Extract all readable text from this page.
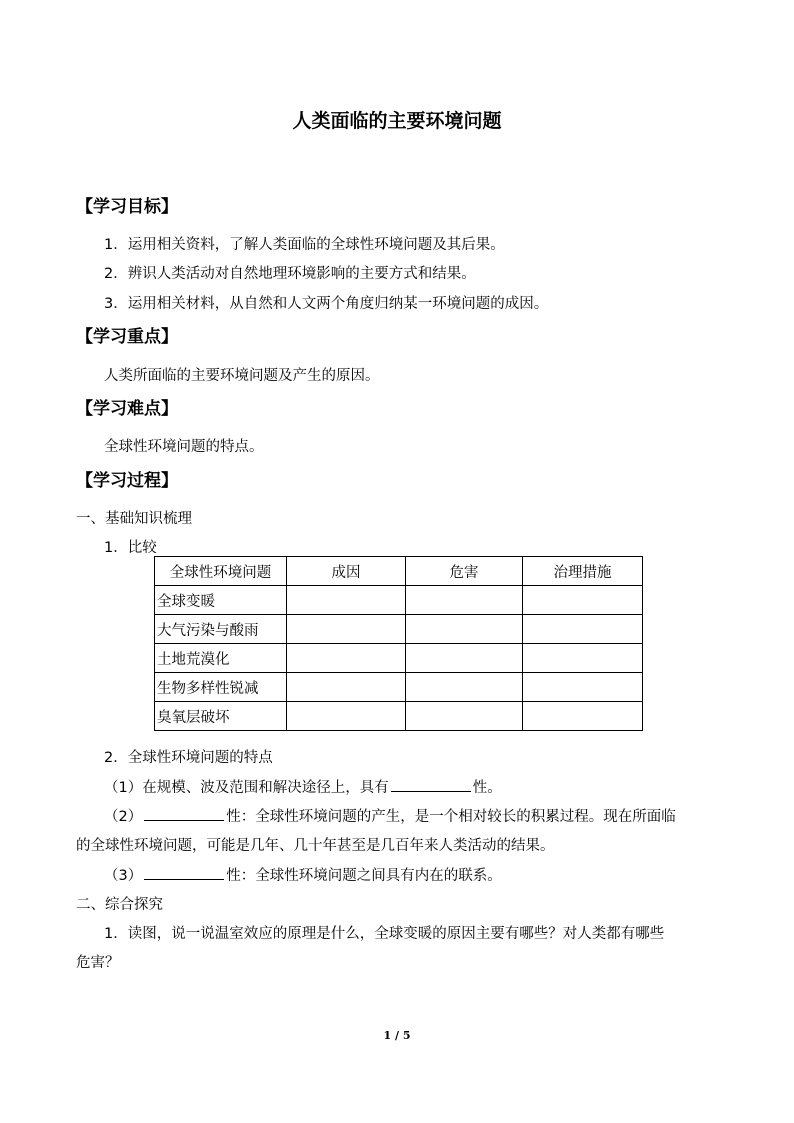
人类面临的主要环境问题
【学习目标】
1．运用相关资料，了解人类面临的全球性环境问题及其后果。
2．辨识人类活动对自然地理环境影响的主要方式和结果。
3．运用相关材料，从自然和人文两个角度归纳某一环境问题的成因。
【学习重点】
人类所面临的主要环境问题及产生的原因。
【学习难点】
全球性环境问题的特点。
【学习过程】
一、基础知识梳理
1．比较
全球性环境问题	成因	危害	治理措施
全球变暖			
大气污染与酸雨			
土地荒漠化			
生物多样性锐减			
臭氧层破坏			
2．全球性环境问题的特点
（1）在规模、波及范围和解决途径上，具有	性。
（2）	性：全球性环境问题的产生，是一个相对较长的积累过程。现在所面临
的全球性环境问题，可能是几年、几十年甚至是几百年来人类活动的结果。
（3）	性：全球性环境问题之间具有内在的联系。
二、综合探究
1．读图，说一说温室效应的原理是什么，全球变暖的原因主要有哪些？对人类都有哪些
危害？
1 / 5
